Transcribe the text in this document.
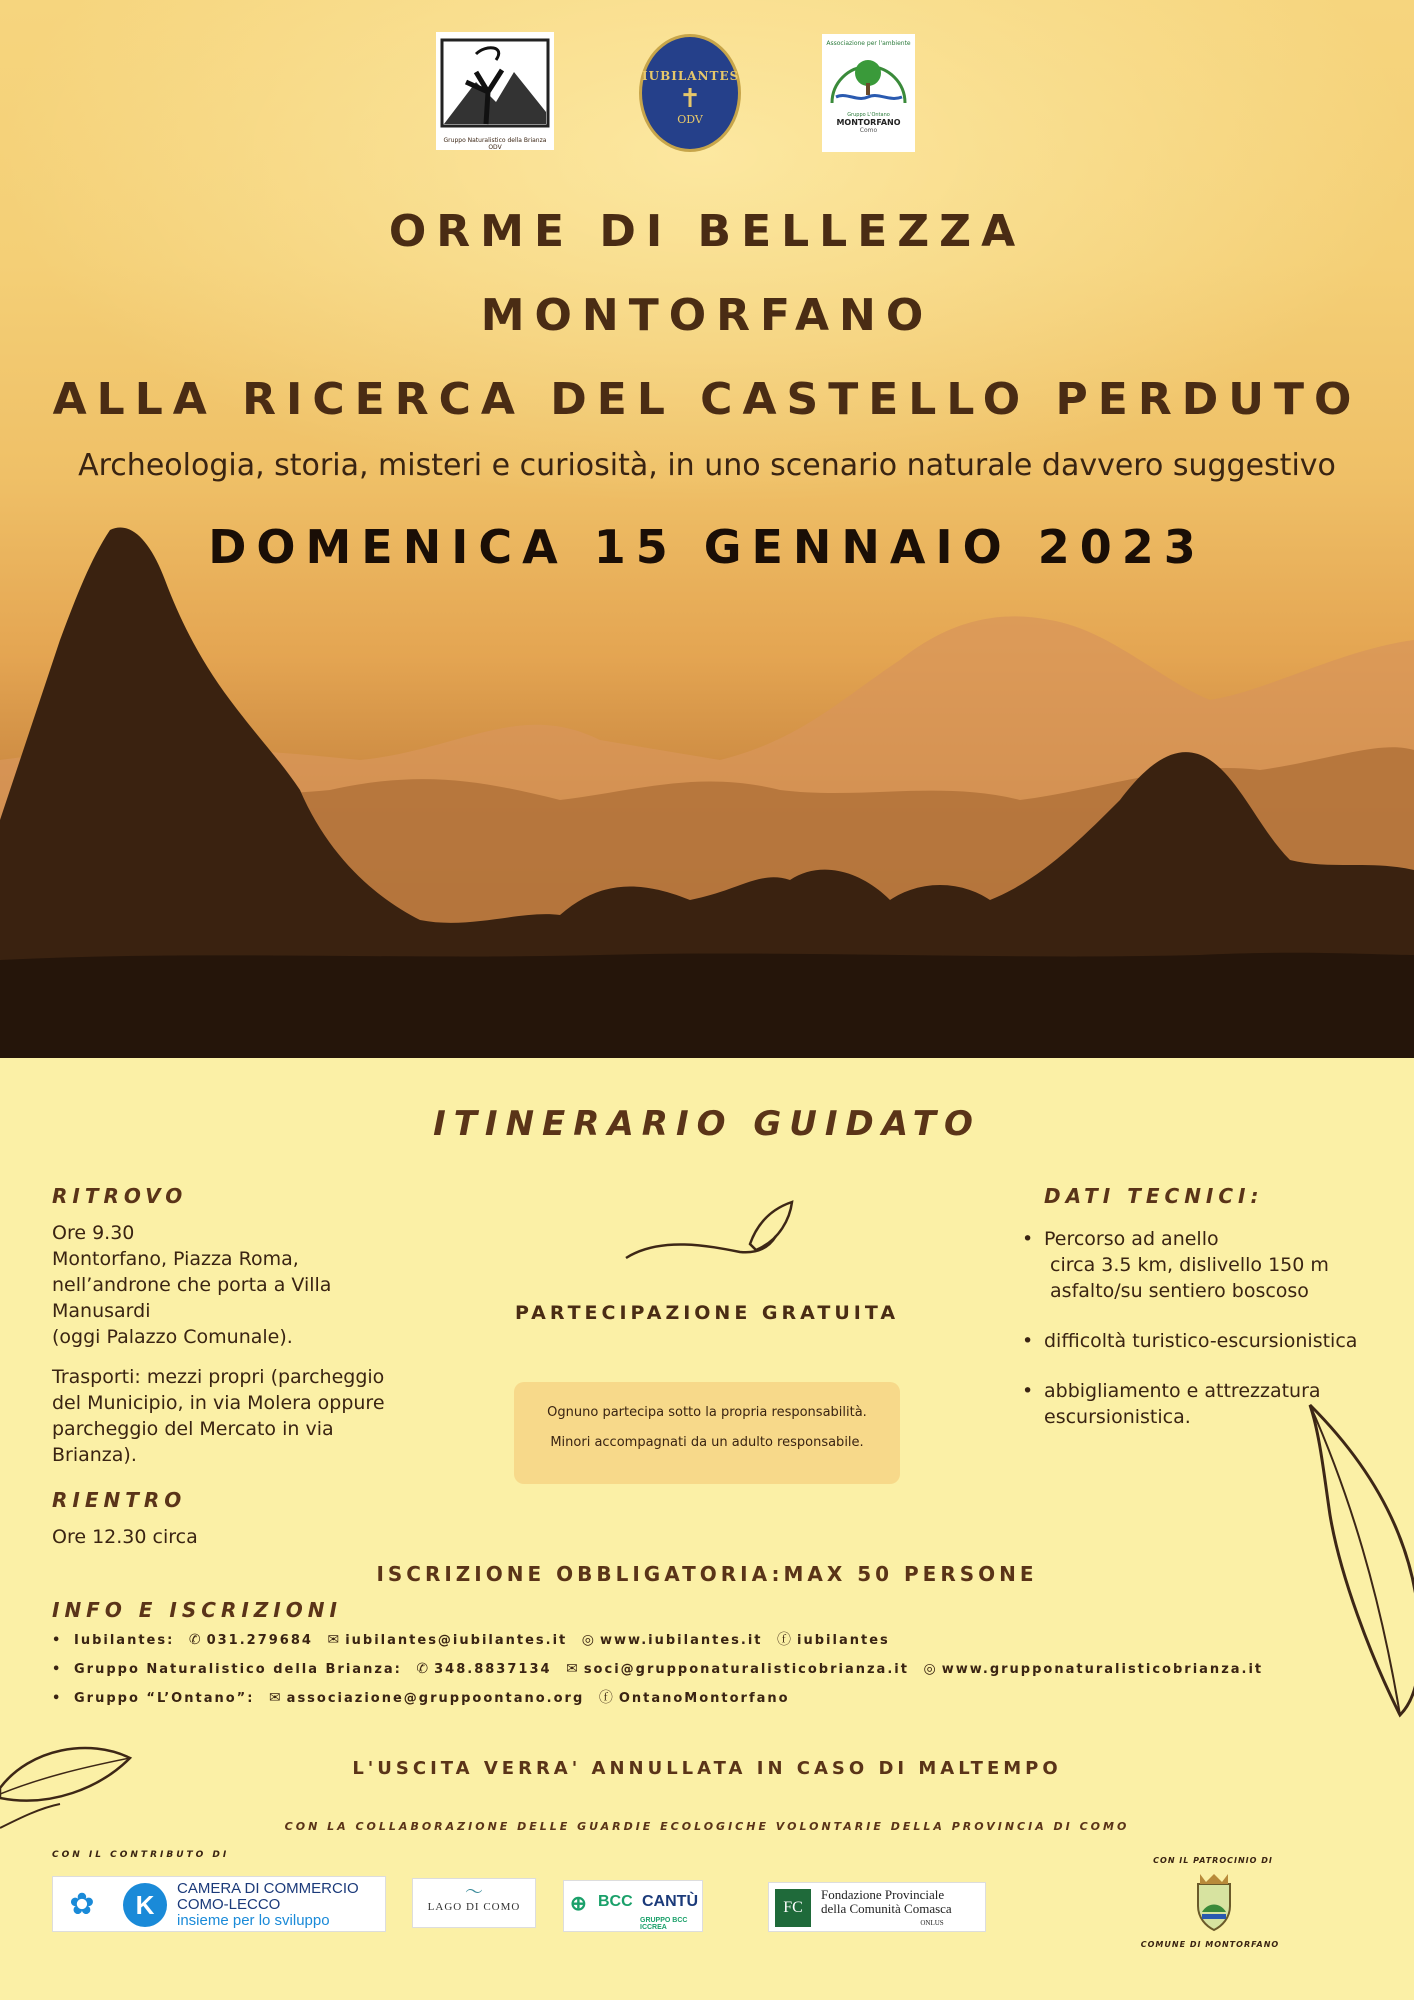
Gruppo Naturalistico della Brianza ODV
IUBILANTES
✝
ODV
Associazione per l'ambiente
Gruppo L'Ontano
MONTORFANO
Como
ORME DI BELLEZZA
MONTORFANO
ALLA RICERCA DEL CASTELLO PERDUTO
Archeologia, storia, misteri e curiosità, in uno scenario naturale davvero suggestivo
DOMENICA 15 GENNAIO 2023
ITINERARIO GUIDATO
RITROVO
Ore 9.30
Montorfano, Piazza Roma,
nell’androne che porta a Villa
Manusardi
(oggi Palazzo Comunale).
Trasporti: mezzi propri (parcheggio
del Municipio, in via Molera oppure
parcheggio del Mercato in via
Brianza).
RIENTRO
Ore 12.30 circa
PARTECIPAZIONE GRATUITA
Ognuno partecipa sotto la propria responsabilità.
Minori accompagnati da un adulto responsabile.
DATI TECNICI:
• Percorso ad anello
circa 3.5 km, dislivello 150 m
asfalto/su sentiero boscoso
• difficoltà turistico-escursionistica
• abbigliamento e attrezzatura
escursionistica.
ISCRIZIONE OBBLIGATORIA:MAX 50 PERSONE
INFO E ISCRIZIONI
• Iubilantes: ✆ 031.279684 ✉ iubilantes@iubilantes.it ◎ www.iubilantes.it ⓕ iubilantes
• Gruppo Naturalistico della Brianza: ✆ 348.8837134 ✉ soci@grupponaturalisticobrianza.it ◎ www.grupponaturalisticobrianza.it
• Gruppo “L’Ontano”: ✉ associazione@gruppoontano.org ⓕ OntanoMontorfano
L'USCITA VERRA' ANNULLATA IN CASO DI MALTEMPO
CON LA COLLABORAZIONE DELLE GUARDIE ECOLOGICHE VOLONTARIE DELLA PROVINCIA DI COMO
CON IL CONTRIBUTO DI
CON IL PATROCINIO DI
✿	K
CAMERA DI COMMERCIO
COMO-LECCO
insieme per lo sviluppo
〜
LAGO DI COMO	⊕ BCC CANTÙ
GRUPPO BCC ICCREA
FC
Fondazione Provinciale
della Comunità Comasca
ONLUS
COMUNE DI MONTORFANO
